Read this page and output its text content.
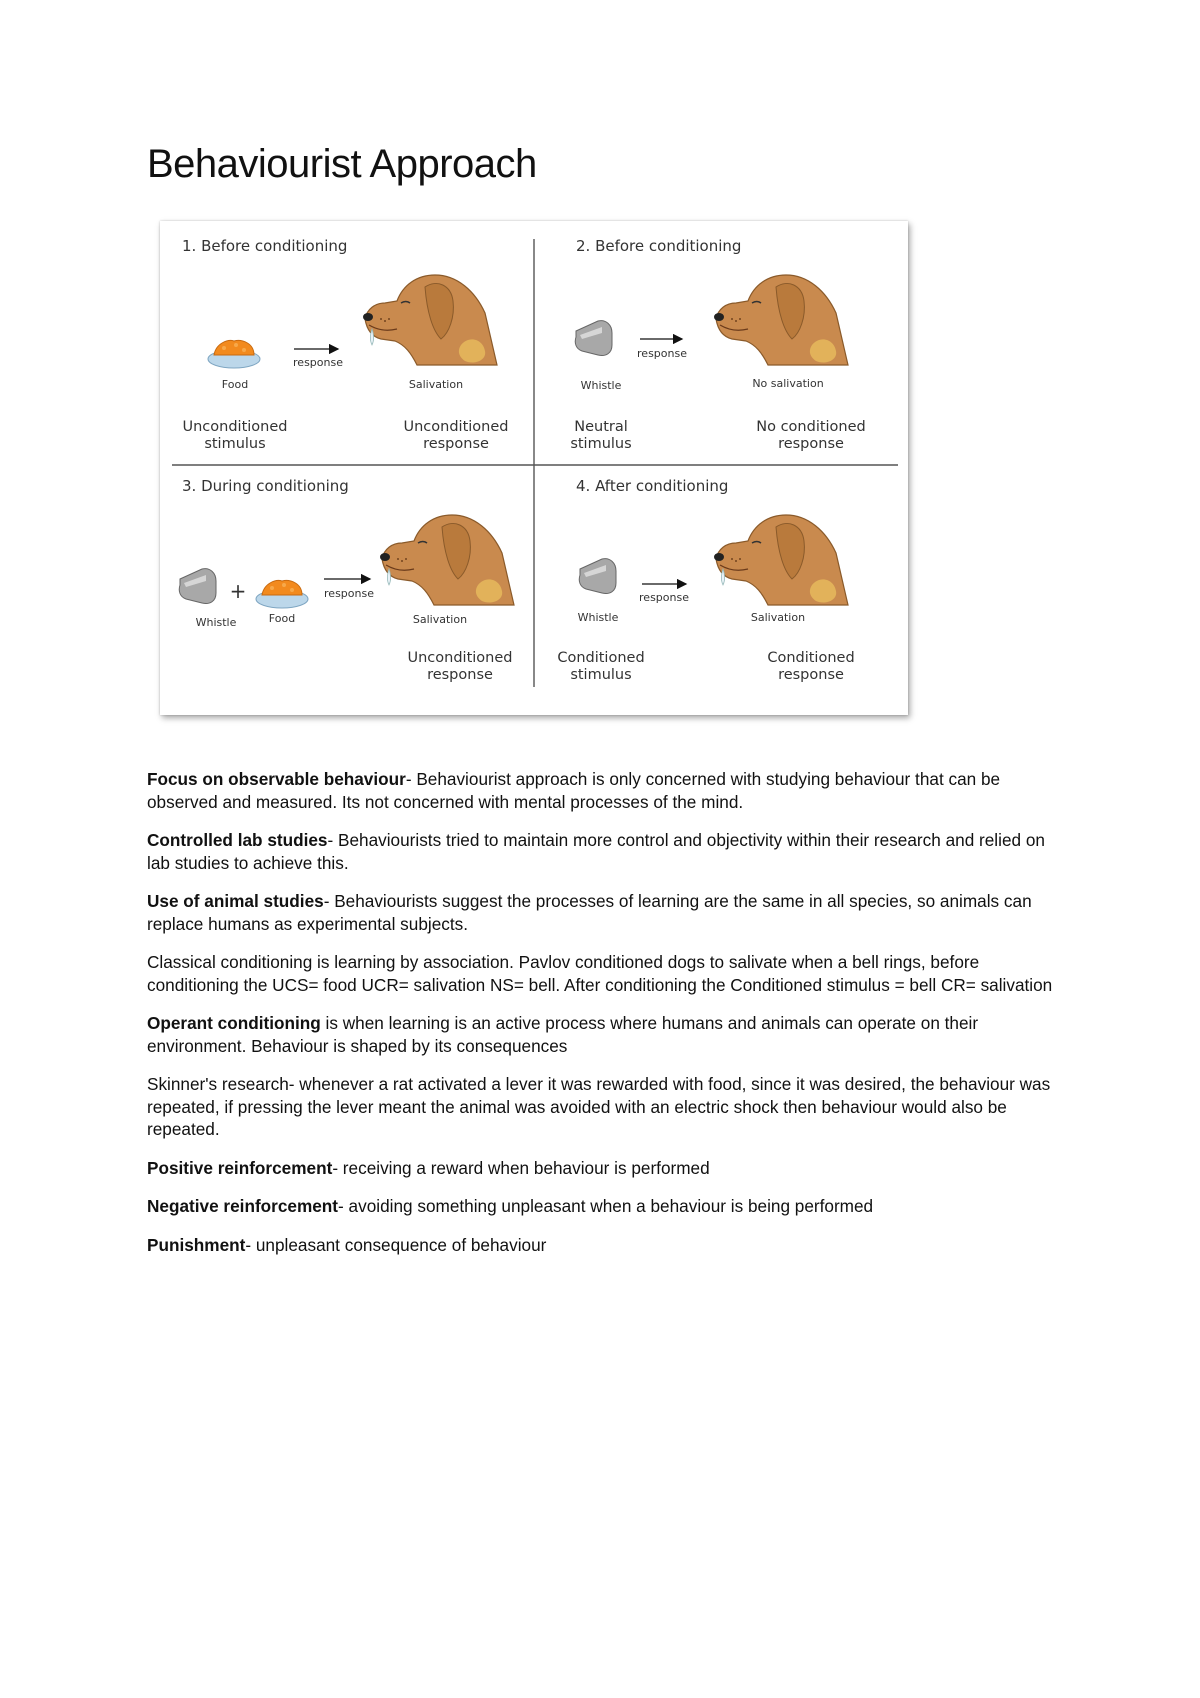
Behaviourist Approach
1. Before conditioning
Food
response
Salivation
Unconditioned
stimulus
Unconditioned
response
2. Before conditioning
Whistle
response
No salivation
Neutral
stimulus
No conditioned
response
3. During conditioning
+
Whistle	Food
response
Salivation
Unconditioned
response
4. After conditioning
Whistle
response
Salivation
Conditioned
stimulus
Conditioned
response

Focus on observable behaviour- Behaviourist approach is only concerned with studying behaviour that can be observed and measured. Its not concerned with mental processes of the mind.

Controlled lab studies- Behaviourists tried to maintain more control and objectivity within their research and relied on lab studies to achieve this.

Use of animal studies- Behaviourists suggest the processes of learning are the same in all species, so animals can replace humans as experimental subjects.

Classical conditioning is learning by association. Pavlov conditioned dogs to salivate when a bell rings, before conditioning the UCS= food UCR= salivation NS= bell. After conditioning the Conditioned stimulus = bell CR= salivation

Operant conditioning is when learning is an active process where humans and animals can operate on their environment. Behaviour is shaped by its consequences

Skinner's research- whenever a rat activated a lever it was rewarded with food, since it was desired, the behaviour was repeated, if pressing the lever meant the animal was avoided with an electric shock then behaviour would also be repeated.

Positive reinforcement- receiving a reward when behaviour is performed

Negative reinforcement- avoiding something unpleasant when a behaviour is being performed

Punishment- unpleasant consequence of behaviour
